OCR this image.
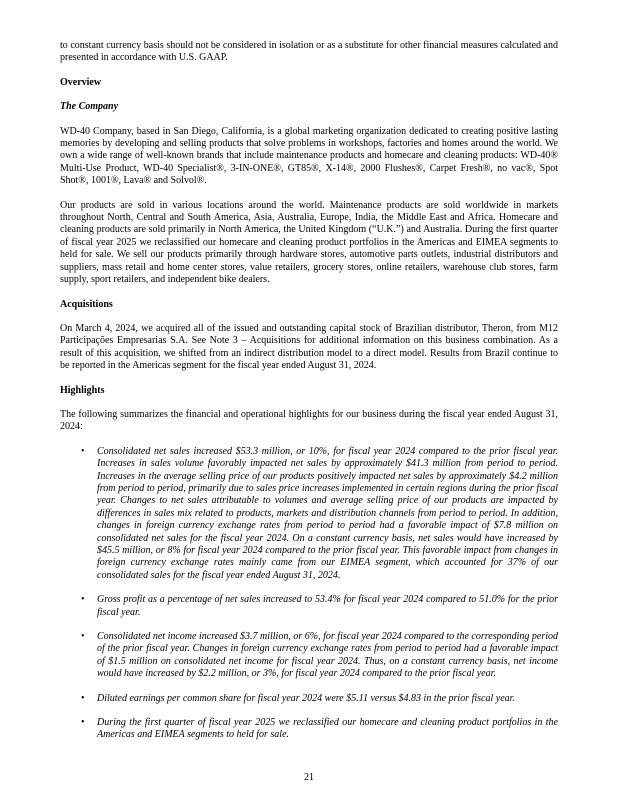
to constant currency basis should not be considered in isolation or as a substitute for other financial measures calculated and presented in accordance with U.S. GAAP.

Overview

The Company

WD-40 Company, based in San Diego, California, is a global marketing organization dedicated to creating positive lasting memories by developing and selling products that solve problems in workshops, factories and homes around the world. We own a wide range of well-known brands that include maintenance products and homecare and cleaning products: WD-40® Multi-Use Product, WD-40 Specialist®, 3-IN-ONE®, GT85®, X-14®, 2000 Flushes®, Carpet Fresh®, no vac®, Spot Shot®, 1001®, Lava® and Solvol®.

Our products are sold in various locations around the world. Maintenance products are sold worldwide in markets throughout North, Central and South America, Asia, Australia, Europe, India, the Middle East and Africa. Homecare and cleaning products are sold primarily in North America, the United Kingdom (“U.K.”) and Australia. During the first quarter of fiscal year 2025 we reclassified our homecare and cleaning product portfolios in the Americas and EIMEA segments to held for sale. We sell our products primarily through hardware stores, automotive parts outlets, industrial distributors and suppliers, mass retail and home center stores, value retailers, grocery stores, online retailers, warehouse club stores, farm supply, sport retailers, and independent bike dealers.

Acquisitions

On March 4, 2024, we acquired all of the issued and outstanding capital stock of Brazilian distributor, Theron, from M12 Participações Empresarias S.A. See Note 3 – Acquisitions for additional information on this business combination. As a result of this acquisition, we shifted from an indirect distribution model to a direct model. Results from Brazil continue to be reported in the Americas segment for the fiscal year ended August 31, 2024.

Highlights

The following summarizes the financial and operational highlights for our business during the fiscal year ended August 31, 2024:

•	Consolidated net sales increased $53.3 million, or 10%, for fiscal year 2024 compared to the prior fiscal year. Increases in sales volume favorably impacted net sales by approximately $41.3 million from period to period. Increases in the average selling price of our products positively impacted net sales by approximately $4.2 million from period to period, primarily due to sales price increases implemented in certain regions during the prior fiscal year. Changes to net sales attributable to volumes and average selling price of our products are impacted by differences in sales mix related to products, markets and distribution channels from period to period. In addition, changes in foreign currency exchange rates from period to period had a favorable impact of $7.8 million on consolidated net sales for the fiscal year 2024. On a constant currency basis, net sales would have increased by $45.5 million, or 8% for fiscal year 2024 compared to the prior fiscal year. This favorable impact from changes in foreign currency exchange rates mainly came from our EIMEA segment, which accounted for 37% of our consolidated sales for the fiscal year ended August 31, 2024.
•	Gross profit as a percentage of net sales increased to 53.4% for fiscal year 2024 compared to 51.0% for the prior fiscal year.
•	Consolidated net income increased $3.7 million, or 6%, for fiscal year 2024 compared to the corresponding period of the prior fiscal year. Changes in foreign currency exchange rates from period to period had a favorable impact of $1.5 million on consolidated net income for fiscal year 2024. Thus, on a constant currency basis, net income would have increased by $2.2 million, or 3%, for fiscal year 2024 compared to the prior fiscal year.
•	Diluted earnings per common share for fiscal year 2024 were $5.11 versus $4.83 in the prior fiscal year.
•	During the first quarter of fiscal year 2025 we reclassified our homecare and cleaning product portfolios in the Americas and EIMEA segments to held for sale.
21
